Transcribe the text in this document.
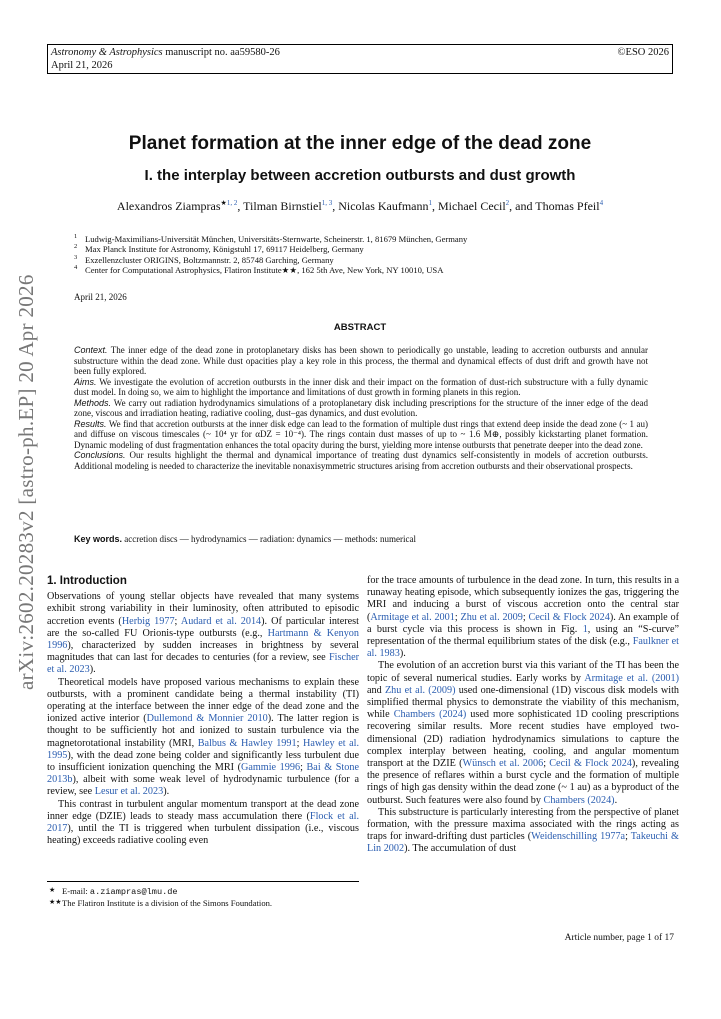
Astronomy & Astrophysics manuscript no. aa59580-26
April 21, 2026
©ESO 2026
arXiv:2602.20283v2 [astro-ph.EP] 20 Apr 2026
Planet formation at the inner edge of the dead zone
I. the interplay between accretion outbursts and dust growth
Alexandros Ziampras$^{★1, 2}$, Tilman Birnstiel$^{1, 3}$, Nicolas Kaufmann$^1$, Michael Cecil$^2$, and Thomas Pfeil$^4$
1 Ludwig-Maximilians-Universität München, Universitäts-Sternwarte, Scheinerstr. 1, 81679 München, Germany
2 Max Planck Institute for Astronomy, Königstuhl 17, 69117 Heidelberg, Germany
3 Exzellenzcluster ORIGINS, Boltzmannstr. 2, 85748 Garching, Germany
4 Center for Computational Astrophysics, Flatiron Institute★★, 162 5th Ave, New York, NY 10010, USA
April 21, 2026
ABSTRACT
Context. The inner edge of the dead zone in protoplanetary disks has been shown to periodically go unstable, leading to accretion outbursts and annular substructure within the dead zone. While dust opacities play a key role in this process, the thermal and dynamical effects of dust drift and growth have not been fully explored.
Aims. We investigate the evolution of accretion outbursts in the inner disk and their impact on the formation of dust-rich substructure with a fully dynamic dust model. In doing so, we aim to highlight the importance and limitations of dust growth in forming planets in this region.
Methods. We carry out radiation hydrodynamics simulations of a protoplanetary disk including prescriptions for the structure of the inner edge of the dead zone, viscous and irradiation heating, radiative cooling, dust–gas dynamics, and dust evolution.
Results. We find that accretion outbursts at the inner disk edge can lead to the formation of multiple dust rings that extend deep inside the dead zone (~ 1 au) and diffuse on viscous timescales (~ 10⁴ yr for αDZ = 10⁻⁴). The rings contain dust masses of up to ~ 1.6 M⊕, possibly kickstarting planet formation. Dynamic modeling of dust fragmentation enhances the total opacity during the burst, yielding more intense outbursts that penetrate deeper into the dead zone.
Conclusions. Our results highlight the thermal and dynamical importance of treating dust dynamics self-consistently in models of accretion outbursts. Additional modeling is needed to characterize the inevitable nonaxisymmetric structures arising from accretion outbursts and their observational prospects.
Key words. accretion discs — hydrodynamics — radiation: dynamics — methods: numerical
1. Introduction

Observations of young stellar objects have revealed that many systems exhibit strong variability in their luminosity, often attributed to episodic accretion events (Herbig 1977; Audard et al. 2014). Of particular interest are the so-called FU Orionis-type outbursts (e.g., Hartmann & Kenyon 1996), characterized by sudden increases in brightness by several magnitudes that can last for decades to centuries (for a review, see Fischer et al. 2023).

Theoretical models have proposed various mechanisms to explain these outbursts, with a prominent candidate being a thermal instability (TI) operating at the interface between the inner edge of the dead zone and the ionized active interior (Dullemond & Monnier 2010). The latter region is thought to be sufficiently hot and ionized to sustain turbulence via the magnetorotational instability (MRI, Balbus & Hawley 1991; Hawley et al. 1995), with the dead zone being colder and significantly less turbulent due to insufficient ionization quenching the MRI (Gammie 1996; Bai & Stone 2013b), albeit with some weak level of hydrodynamic turbulence (for a review, see Lesur et al. 2023).

This contrast in turbulent angular momentum transport at the dead zone inner edge (DZIE) leads to steady mass accumulation there (Flock et al. 2017), until the TI is triggered when turbulent dissipation (i.e., viscous heating) exceeds radiative cooling even

★ E-mail: a.ziampras@lmu.de
★★ The Flatiron Institute is a division of the Simons Foundation.

for the trace amounts of turbulence in the dead zone. In turn, this results in a runaway heating episode, which subsequently ionizes the gas, triggering the MRI and inducing a burst of viscous accretion onto the central star (Armitage et al. 2001; Zhu et al. 2009; Cecil & Flock 2024). An example of a burst cycle via this process is shown in Fig. 1, using an “S-curve” representation of the thermal equilibrium states of the disk (e.g., Faulkner et al. 1983).

The evolution of an accretion burst via this variant of the TI has been the topic of several numerical studies. Early works by Armitage et al. (2001) and Zhu et al. (2009) used one-dimensional (1D) viscous disk models with simplified thermal physics to demonstrate the viability of this mechanism, while Chambers (2024) used more sophisticated 1D cooling prescriptions recovering similar results. More recent studies have employed two-dimensional (2D) radiation hydrodynamics simulations to capture the complex interplay between heating, cooling, and angular momentum transport at the DZIE (Wünsch et al. 2006; Cecil & Flock 2024), revealing the presence of reflares within a burst cycle and the formation of multiple rings of high gas density within the dead zone (~ 1 au) as a byproduct of the outburst. Such features were also found by Chambers (2024).

This substructure is particularly interesting from the perspective of planet formation, with the pressure maxima associated with the rings acting as traps for inward-drifting dust particles (Weidenschilling 1977a; Takeuchi & Lin 2002). The accumulation of dust

Article number, page 1 of 17
